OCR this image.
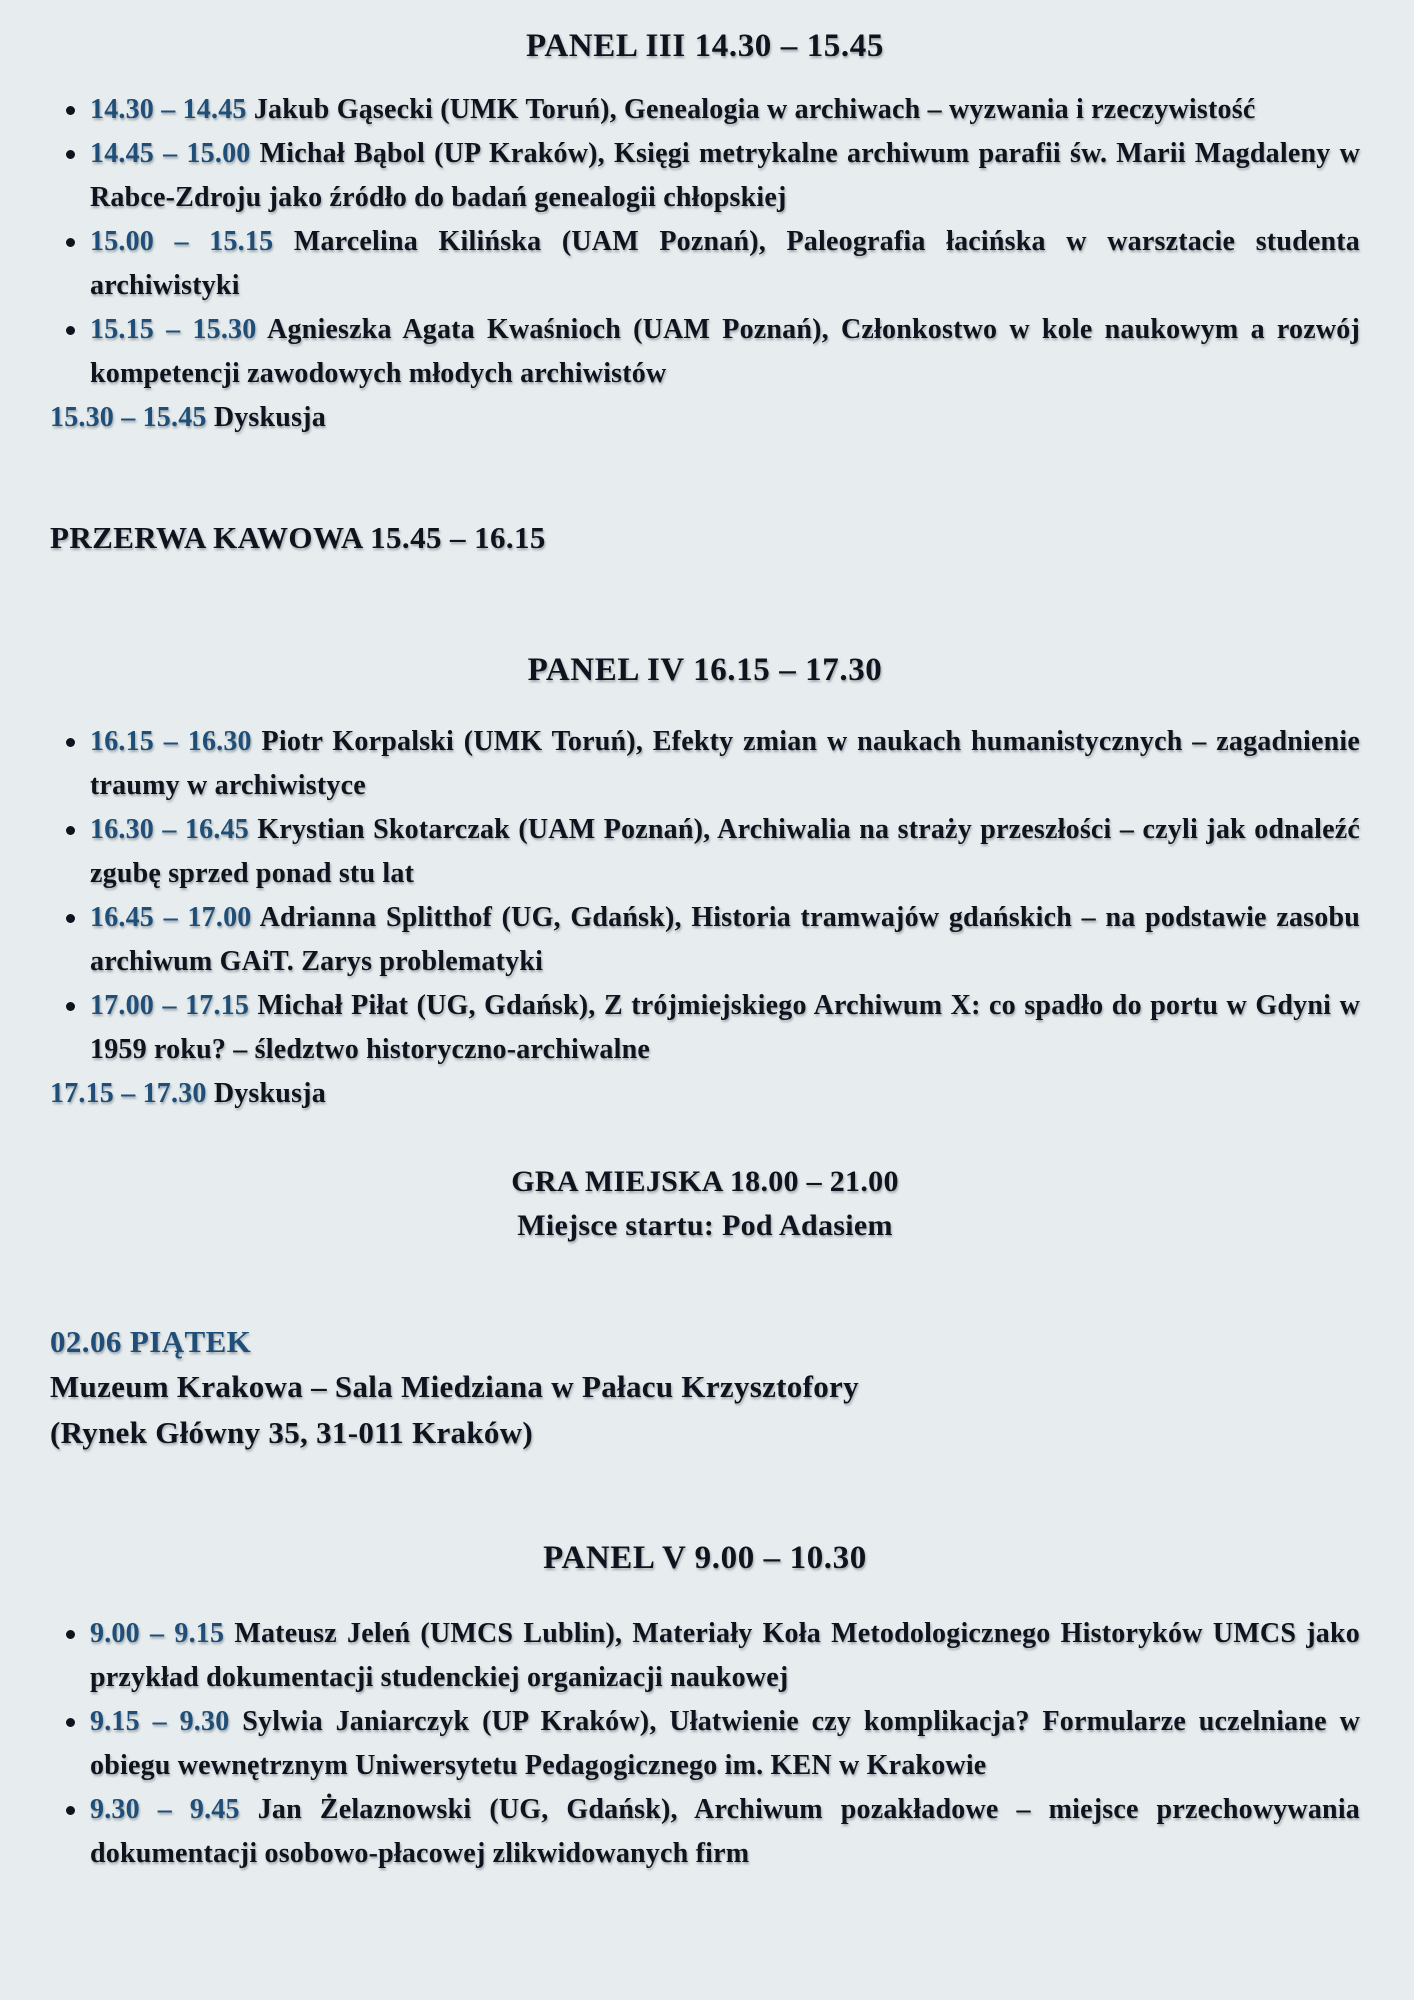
PANEL III 14.30 – 15.45
14.30 – 14.45 Jakub Gąsecki (UMK Toruń), Genealogia w archiwach – wyzwania i rzeczywistość
14.45 – 15.00 Michał Bąbol (UP Kraków), Księgi metrykalne archiwum parafii św. Marii Magdaleny w Rabce-Zdroju jako źródło do badań genealogii chłopskiej
15.00 – 15.15 Marcelina Kilińska (UAM Poznań), Paleografia łacińska w warsztacie studenta archiwistyki
15.15 – 15.30 Agnieszka Agata Kwaśnioch (UAM Poznań), Członkostwo w kole naukowym a rozwój kompetencji zawodowych młodych archiwistów
15.30 – 15.45 Dyskusja
PRZERWA KAWOWA 15.45 – 16.15
PANEL IV 16.15 – 17.30
16.15 – 16.30 Piotr Korpalski (UMK Toruń), Efekty zmian w naukach humanistycznych – zagadnienie traumy w archiwistyce
16.30 – 16.45 Krystian Skotarczak (UAM Poznań), Archiwalia na straży przeszłości – czyli jak odnaleźć zgubę sprzed ponad stu lat
16.45 – 17.00 Adrianna Splitthof (UG, Gdańsk), Historia tramwajów gdańskich – na podstawie zasobu archiwum GAiT. Zarys problematyki
17.00 – 17.15 Michał Piłat (UG, Gdańsk), Z trójmiejskiego Archiwum X: co spadło do portu w Gdyni w 1959 roku? – śledztwo historyczno-archiwalne
17.15 – 17.30 Dyskusja
GRA MIEJSKA 18.00 – 21.00
Miejsce startu: Pod Adasiem
02.06 PIĄTEK
Muzeum Krakowa – Sala Miedziana w Pałacu Krzysztofory
(Rynek Główny 35, 31-011 Kraków)
PANEL V 9.00 – 10.30
9.00 – 9.15 Mateusz Jeleń (UMCS Lublin), Materiały Koła Metodologicznego Historyków UMCS jako przykład dokumentacji studenckiej organizacji naukowej
9.15 – 9.30 Sylwia Janiarczyk (UP Kraków), Ułatwienie czy komplikacja? Formularze uczelniane w obiegu wewnętrznym Uniwersytetu Pedagogicznego im. KEN w Krakowie
9.30 – 9.45 Jan Żelaznowski (UG, Gdańsk), Archiwum pozakładowe – miejsce przechowywania dokumentacji osobowo-płacowej zlikwidowanych firm
